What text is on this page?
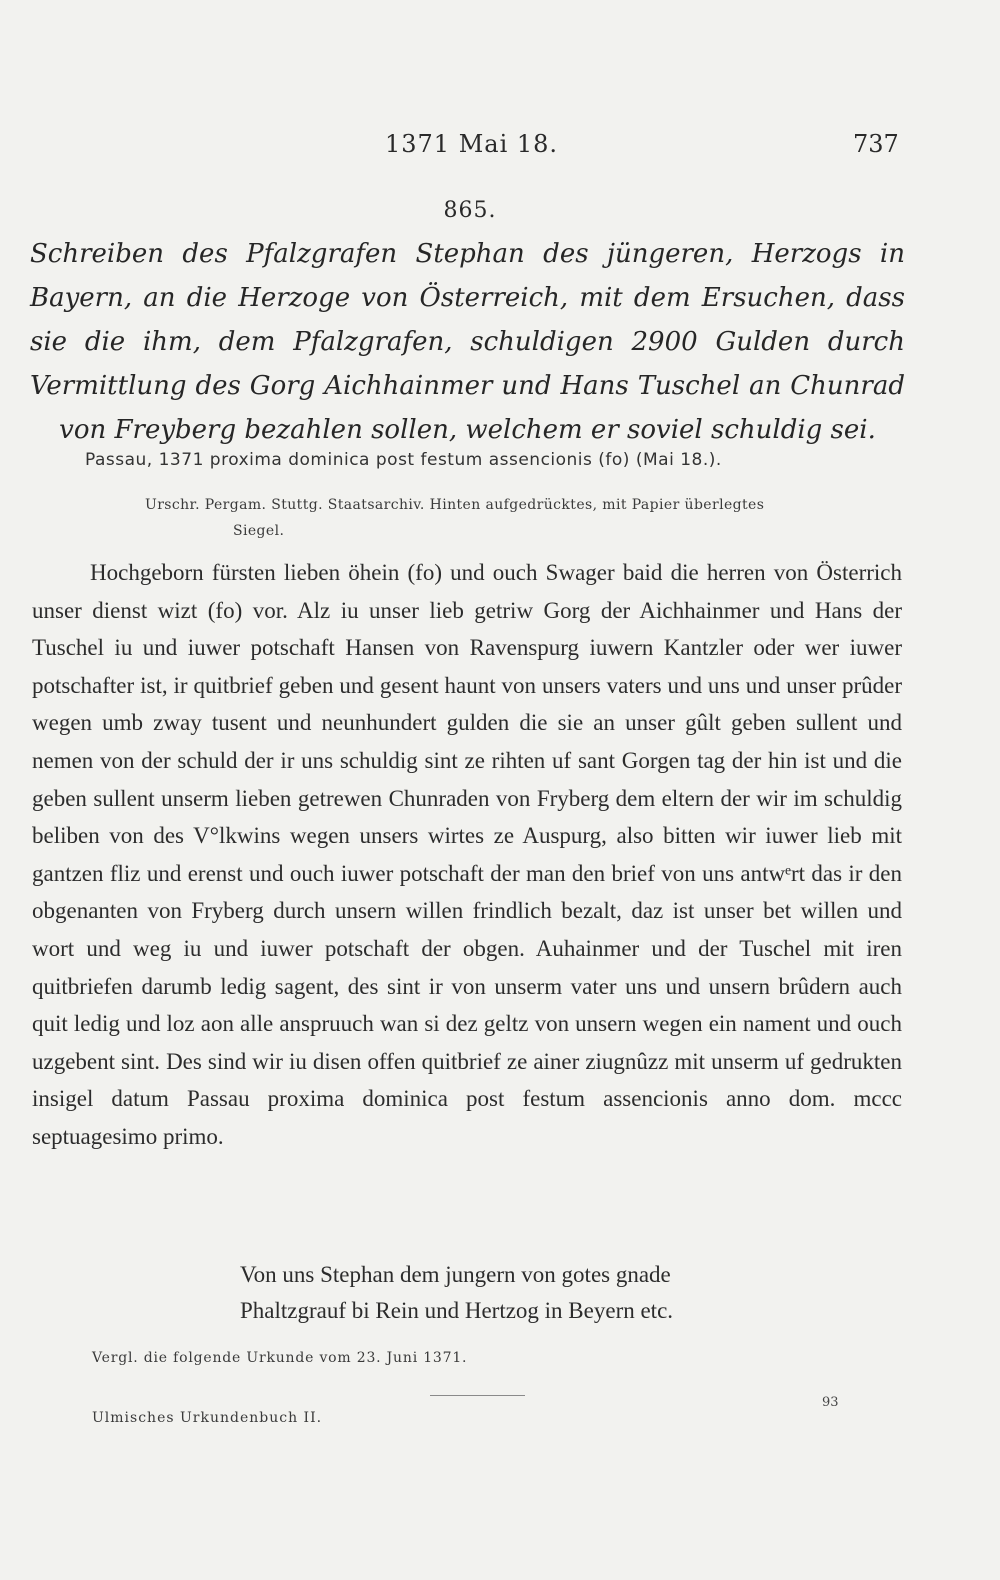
1371 Mai 18.	737
865.
Schreiben des Pfalzgrafen Stephan des jüngeren, Herzogs in Bayern, an die Herzoge von Österreich, mit dem Ersuchen, dass sie die ihm, dem Pfalzgrafen, schuldigen 2900 Gulden durch Vermittlung des Gorg Aichhainmer und Hans Tuschel an Chunrad von Freyberg bezahlen sollen, welchem er soviel schuldig sei.
Passau, 1371 proxima dominica post festum assencionis (fo) (Mai 18.).
Urschr. Pergam. Stuttg. Staatsarchiv. Hinten aufgedrücktes, mit Papier überlegtes
Siegel.

Hochgeborn fürsten lieben öhein (fo) und ouch Swager baid die herren von Österrich unser dienst wizt (fo) vor. Alz iu unser lieb getriw Gorg der Aichhainmer und Hans der Tuschel iu und iuwer potschaft Hansen von Ravenspurg iuwern Kantzler oder wer iuwer potschafter ist, ir quitbrief geben und gesent haunt von unsers vaters und uns und unser prûder wegen umb zway tusent und neunhundert gulden die sie an unser gûlt geben sullent und nemen von der schuld der ir uns schuldig sint ze rihten uf sant Gorgen tag der hin ist und die geben sullent unserm lieben getrewen Chunraden von Fryberg dem eltern der wir im schuldig beliben von des V°lkwins wegen unsers wirtes ze Auspurg, also bitten wir iuwer lieb mit gantzen fliz und erenst und ouch iuwer potschaft der man den brief von uns antwᵉrt das ir den obgenanten von Fryberg durch unsern willen frindlich bezalt, daz ist unser bet willen und wort und weg iu und iuwer potschaft der obgen. Auhainmer und der Tuschel mit iren quitbriefen darumb ledig sagent, des sint ir von unserm vater uns und unsern brûdern auch quit ledig und loz aon alle anspruuch wan si dez geltz von unsern wegen ein nament und ouch uzgebent sint. Des sind wir iu disen offen quitbrief ze ainer ziugnûzz mit unserm uf gedrukten insigel datum Passau proxima dominica post festum assencionis anno dom. mccc septuagesimo primo.

Von uns Stephan dem jungern von gotes gnade
Phaltzgrauf bi Rein und Hertzog in Beyern etc.
Vergl. die folgende Urkunde vom 23. Juni 1371.
93
Ulmisches Urkundenbuch II.
